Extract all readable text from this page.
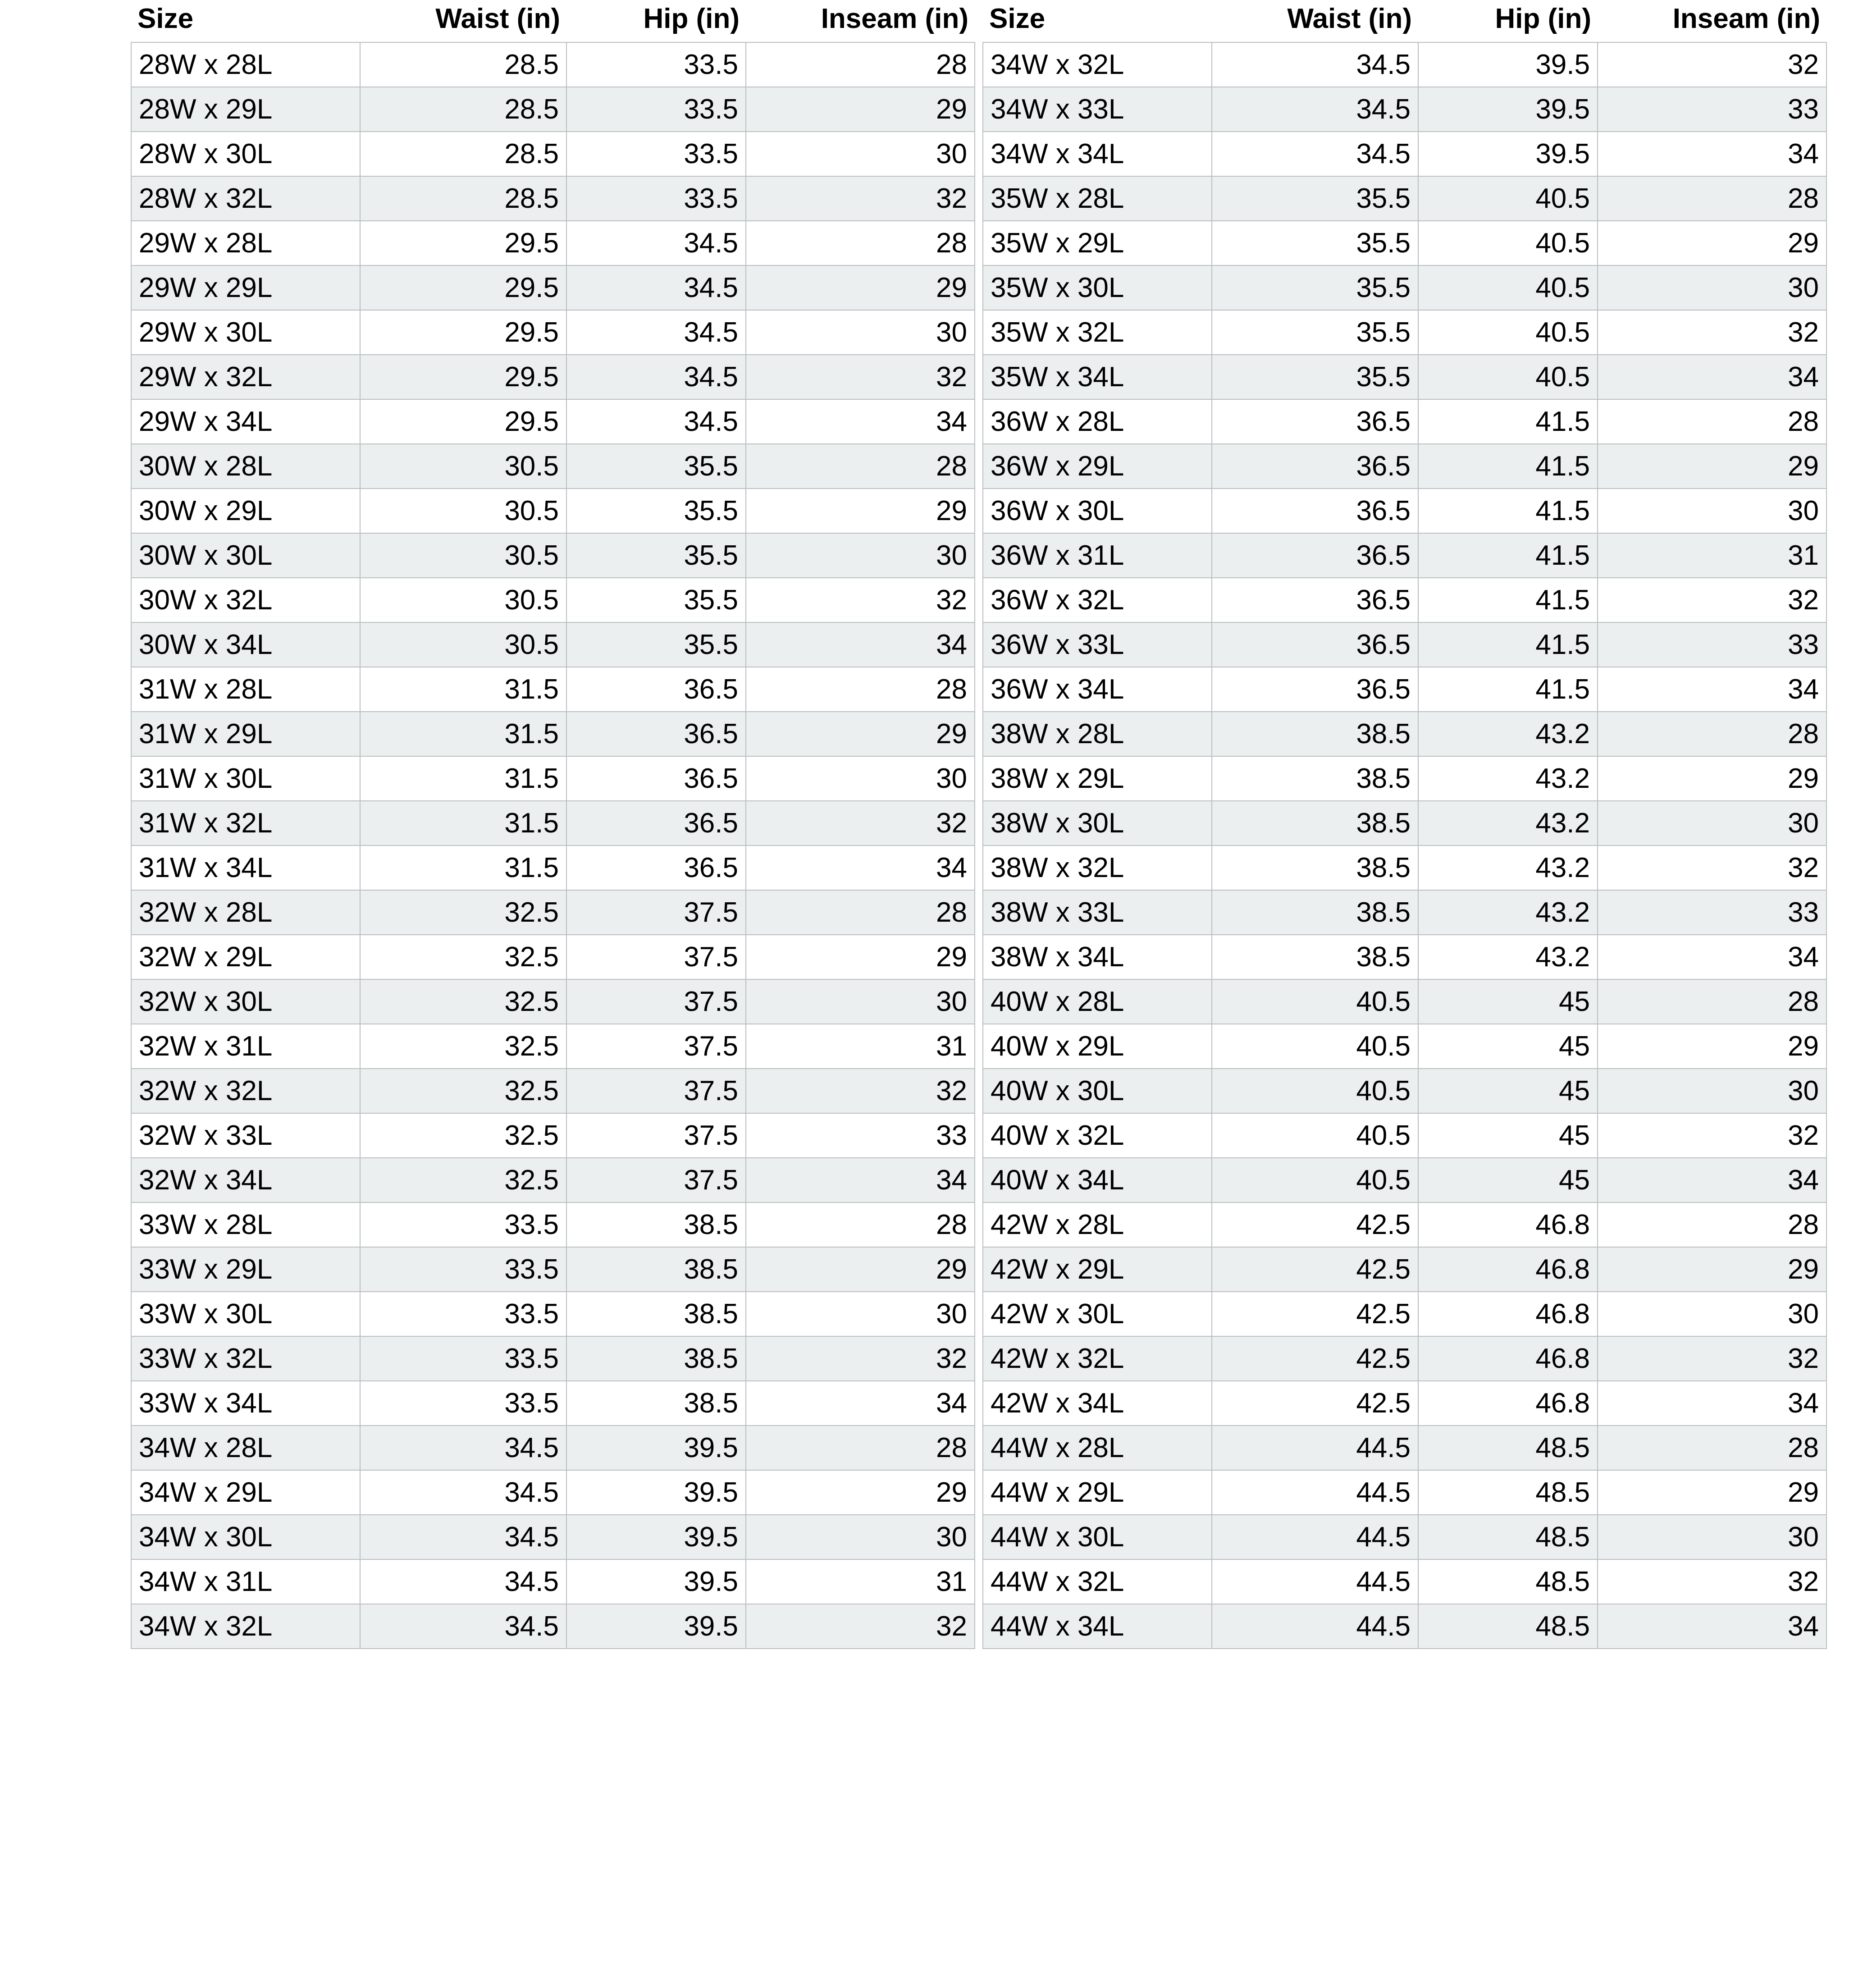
Size	Waist (in)	Hip (in)	Inseam (in)
28W x 28L	28.5	33.5	28
28W x 29L	28.5	33.5	29
28W x 30L	28.5	33.5	30
28W x 32L	28.5	33.5	32
29W x 28L	29.5	34.5	28
29W x 29L	29.5	34.5	29
29W x 30L	29.5	34.5	30
29W x 32L	29.5	34.5	32
29W x 34L	29.5	34.5	34
30W x 28L	30.5	35.5	28
30W x 29L	30.5	35.5	29
30W x 30L	30.5	35.5	30
30W x 32L	30.5	35.5	32
30W x 34L	30.5	35.5	34
31W x 28L	31.5	36.5	28
31W x 29L	31.5	36.5	29
31W x 30L	31.5	36.5	30
31W x 32L	31.5	36.5	32
31W x 34L	31.5	36.5	34
32W x 28L	32.5	37.5	28
32W x 29L	32.5	37.5	29
32W x 30L	32.5	37.5	30
32W x 31L	32.5	37.5	31
32W x 32L	32.5	37.5	32
32W x 33L	32.5	37.5	33
32W x 34L	32.5	37.5	34
33W x 28L	33.5	38.5	28
33W x 29L	33.5	38.5	29
33W x 30L	33.5	38.5	30
33W x 32L	33.5	38.5	32
33W x 34L	33.5	38.5	34
34W x 28L	34.5	39.5	28
34W x 29L	34.5	39.5	29
34W x 30L	34.5	39.5	30
34W x 31L	34.5	39.5	31
34W x 32L	34.5	39.5	32
Size	Waist (in)	Hip (in)	Inseam (in)
34W x 32L	34.5	39.5	32
34W x 33L	34.5	39.5	33
34W x 34L	34.5	39.5	34
35W x 28L	35.5	40.5	28
35W x 29L	35.5	40.5	29
35W x 30L	35.5	40.5	30
35W x 32L	35.5	40.5	32
35W x 34L	35.5	40.5	34
36W x 28L	36.5	41.5	28
36W x 29L	36.5	41.5	29
36W x 30L	36.5	41.5	30
36W x 31L	36.5	41.5	31
36W x 32L	36.5	41.5	32
36W x 33L	36.5	41.5	33
36W x 34L	36.5	41.5	34
38W x 28L	38.5	43.2	28
38W x 29L	38.5	43.2	29
38W x 30L	38.5	43.2	30
38W x 32L	38.5	43.2	32
38W x 33L	38.5	43.2	33
38W x 34L	38.5	43.2	34
40W x 28L	40.5	45	28
40W x 29L	40.5	45	29
40W x 30L	40.5	45	30
40W x 32L	40.5	45	32
40W x 34L	40.5	45	34
42W x 28L	42.5	46.8	28
42W x 29L	42.5	46.8	29
42W x 30L	42.5	46.8	30
42W x 32L	42.5	46.8	32
42W x 34L	42.5	46.8	34
44W x 28L	44.5	48.5	28
44W x 29L	44.5	48.5	29
44W x 30L	44.5	48.5	30
44W x 32L	44.5	48.5	32
44W x 34L	44.5	48.5	34
